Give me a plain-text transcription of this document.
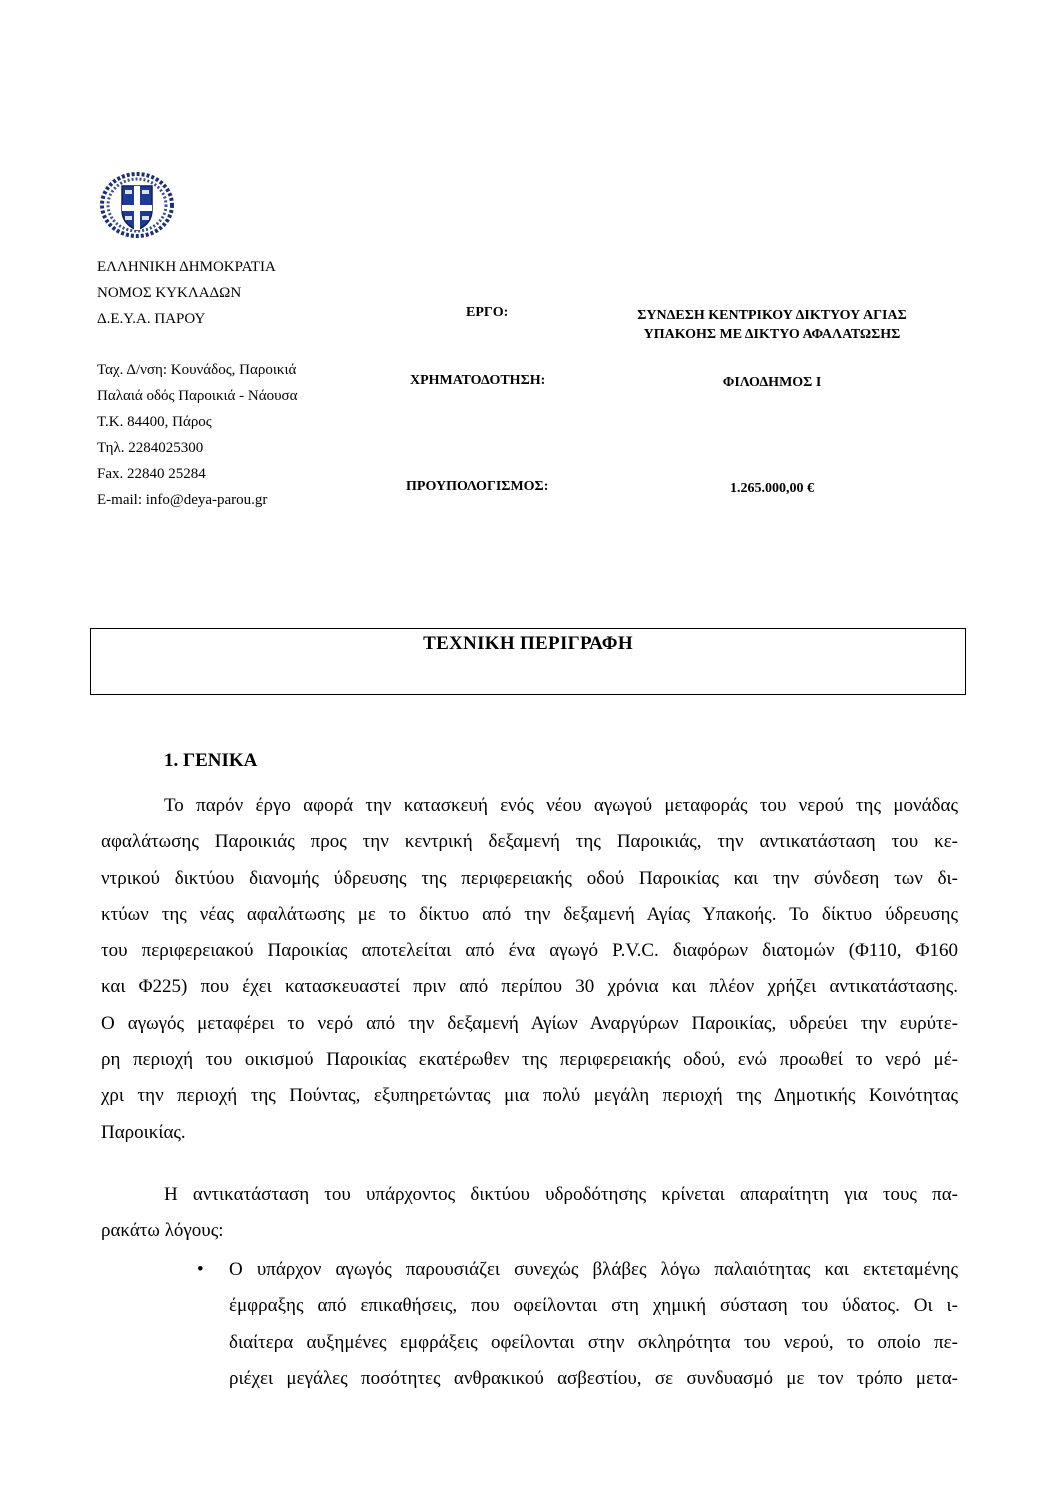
ΕΛΛΗΝΙΚΗ ΔΗΜΟΚΡΑΤΙΑ
ΝΟΜΟΣ ΚΥΚΛΑΔΩΝ
Δ.Ε.Υ.Α. ΠΑΡΟΥ
Ταχ. Δ/νση: Κουνάδος, Παροικιά
Παλαιά οδός Παροικιά - Νάουσα
Τ.Κ. 84400, Πάρος
Τηλ. 2284025300
Fax. 22840 25284
E-mail: info@deya-parou.gr
ΕΡΓΟ:	ΣΥΝΔΕΣΗ ΚΕΝΤΡΙΚΟΥ ΔΙΚΤΥΟΥ ΑΓΙΑΣ
ΥΠΑΚΟΗΣ ΜΕ ΔΙΚΤΥΟ ΑΦΑΛΑΤΩΣΗΣ
ΧΡΗΜΑΤΟΔΟΤΗΣΗ:	ΦΙΛΟΔΗΜΟΣ Ι
ΠΡΟΥΠΟΛΟΓΙΣΜΟΣ:	1.265.000,00 €
ΤΕΧΝΙΚΗ ΠΕΡΙΓΡΑΦΗ
1. ΓΕΝΙΚΑ
Το παρόν έργο αφορά την κατασκευή ενός νέου αγωγού μεταφοράς του νερού της μονάδας
αφαλάτωσης Παροικιάς προς την κεντρική δεξαμενή της Παροικιάς, την αντικατάσταση του κε-
ντρικού δικτύου διανομής ύδρευσης της περιφερειακής οδού Παροικίας και την σύνδεση των δι-
κτύων της νέας αφαλάτωσης με το δίκτυο από την δεξαμενή Αγίας Υπακοής. Το δίκτυο ύδρευσης
του περιφερειακού Παροικίας αποτελείται από ένα αγωγό P.V.C. διαφόρων διατομών (Φ110, Φ160
και Φ225) που έχει κατασκευαστεί πριν από περίπου 30 χρόνια και πλέον χρήζει αντικατάστασης.
Ο αγωγός μεταφέρει το νερό από την δεξαμενή Αγίων Αναργύρων Παροικίας, υδρεύει την ευρύτε-
ρη περιοχή του οικισμού Παροικίας εκατέρωθεν της περιφερειακής οδού, ενώ προωθεί το νερό μέ-
χρι την περιοχή της Πούντας, εξυπηρετώντας μια πολύ μεγάλη περιοχή της Δημοτικής Κοινότητας
Παροικίας.
Η αντικατάσταση του υπάρχοντος δικτύου υδροδότησης κρίνεται απαραίτητη για τους πα-
ρακάτω λόγους:
• Ο υπάρχον αγωγός παρουσιάζει συνεχώς βλάβες λόγω παλαιότητας και εκτεταμένης
έμφραξης από επικαθήσεις, που οφείλονται στη χημική σύσταση του ύδατος. Οι ι-
διαίτερα αυξημένες εμφράξεις οφείλονται στην σκληρότητα του νερού, το οποίο πε-
ριέχει μεγάλες ποσότητες ανθρακικού ασβεστίου, σε συνδυασμό με τον τρόπο μετα-
